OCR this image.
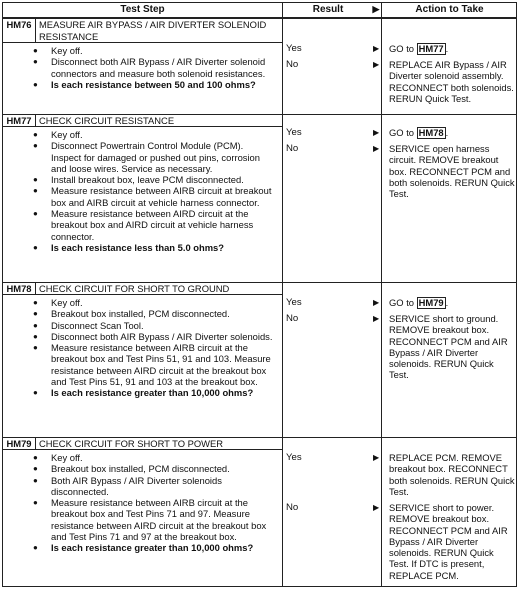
Test Step	Result	▶	Action to Take
HM76 MEASURE AIR BYPASS / AIR DIVERTER SOLENOID RESISTANCE
● Key off.
● Disconnect both AIR Bypass / AIR Diverter solenoid connectors and measure both solenoid resistances.
● Is each resistance between 50 and 100 ohms?
Yes	▶ GO to HM77 .
No	▶ REPLACE AIR Bypass / AIR Diverter solenoid assembly. RECONNECT both solenoids. RERUN Quick Test.
HM77 CHECK CIRCUIT RESISTANCE
● Key off.
● Disconnect Powertrain Control Module (PCM). Inspect for damaged or pushed out pins, corrosion and loose wires. Service as necessary.
● Install breakout box, leave PCM disconnected.
● Measure resistance between AIRB circuit at breakout box and AIRB circuit at vehicle harness connector.
● Measure resistance between AIRD circuit at the breakout box and AIRD circuit at vehicle harness connector.
● Is each resistance less than 5.0 ohms?
Yes	▶ GO to HM78 .
No	▶ SERVICE open harness circuit. REMOVE breakout box. RECONNECT PCM and both solenoids. RERUN Quick Test.
HM78 CHECK CIRCUIT FOR SHORT TO GROUND
● Key off.
● Breakout box installed, PCM disconnected.
● Disconnect Scan Tool.
● Disconnect both AIR Bypass / AIR Diverter solenoids.
● Measure resistance between AIRB circuit at the breakout box and Test Pins 51, 91 and 103. Measure resistance between AIRD circuit at the breakout box and Test Pins 51, 91 and 103 at the breakout box.
● Is each resistance greater than 10,000 ohms?
Yes	▶ GO to HM79 .
No	▶ SERVICE short to ground. REMOVE breakout box. RECONNECT PCM and AIR Bypass / AIR Diverter solenoids. RERUN Quick Test.
HM79 CHECK CIRCUIT FOR SHORT TO POWER
● Key off.
● Breakout box installed, PCM disconnected.
● Both AIR Bypass / AIR Diverter solenoids disconnected.
● Measure resistance between AIRB circuit at the breakout box and Test Pins 71 and 97. Measure resistance between AIRD circuit at the breakout box and Test Pins 71 and 97 at the breakout box.
● Is each resistance greater than 10,000 ohms?
Yes	▶ REPLACE PCM. REMOVE breakout box. RECONNECT both solenoids. RERUN Quick Test.
No	▶ SERVICE short to power. REMOVE breakout box. RECONNECT PCM and AIR Bypass / AIR Diverter solenoids. RERUN Quick Test. If DTC is present, REPLACE PCM.
